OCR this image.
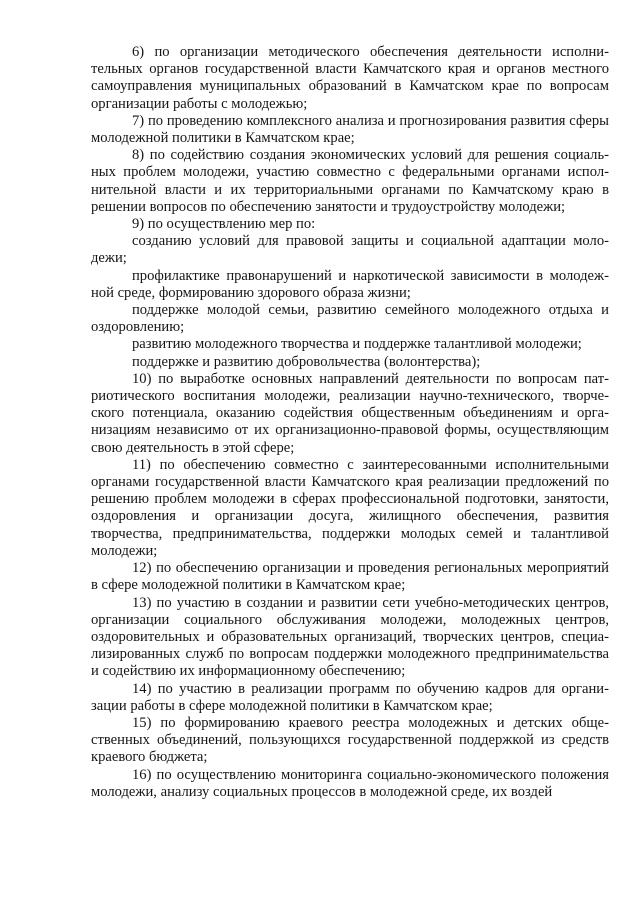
6) по организации методического обеспечения деятельности исполнительных органов государственной власти Камчатского края и органов местного самоуправления муниципальных образований в Камчатском крае по вопросам организации работы с молодежью;

7) по проведению комплексного анализа и прогнозирования развития сферы молодежной политики в Камчатском крае;

8) по содействию создания экономических условий для решения социальных проблем молодежи, участию совместно с федеральными органами исполнительной власти и их территориальными органами по Камчатскому краю в решении вопросов по обеспечению занятости и трудоустройству молодежи;

9) по осуществлению мер по:

созданию условий для правовой защиты и социальной адаптации молодежи;

профилактике правонарушений и наркотической зависимости в молодежной среде, формированию здорового образа жизни;

поддержке молодой семьи, развитию семейного молодежного отдыха и оздоровлению;

развитию молодежного творчества и поддержке талантливой молодежи;

поддержке и развитию добровольчества (волонтерства);

10) по выработке основных направлений деятельности по вопросам патриотического воспитания молодежи, реализации научно-технического, творческого потенциала, оказанию содействия общественным объединениям и организациям независимо от их организационно-правовой формы, осуществляющим свою деятельность в этой сфере;

11) по обеспечению совместно с заинтересованными исполнительными органами государственной власти Камчатского края реализации предложений по решению проблем молодежи в сферах профессиональной подготовки, занятости, оздоровления и организации досуга, жилищного обеспечения, развития творчества, предпринимательства, поддержки молодых семей и талантливой молодежи;

12) по обеспечению организации и проведения региональных мероприятий в сфере молодежной политики в Камчатском крае;

13) по участию в создании и развитии сети учебно-методических центров, организации социального обслуживания молодежи, молодежных центров, оздоровительных и образовательных организаций, творческих центров, специализированных служб по вопросам поддержки молодежного предпринимatельства и содействию их информационному обеспечению;

14) по участию в реализации программ по обучению кадров для организации работы в сфере молодежной политики в Камчатском крае;

15) по формированию краевого реестра молодежных и детских общественных объединений, пользующихся государственной поддержкой из средств краевого бюджета;

16) по осуществлению мониторинга социально-экономического положения молодежи, анализу социальных процессов в молодежной среде, их воздей
